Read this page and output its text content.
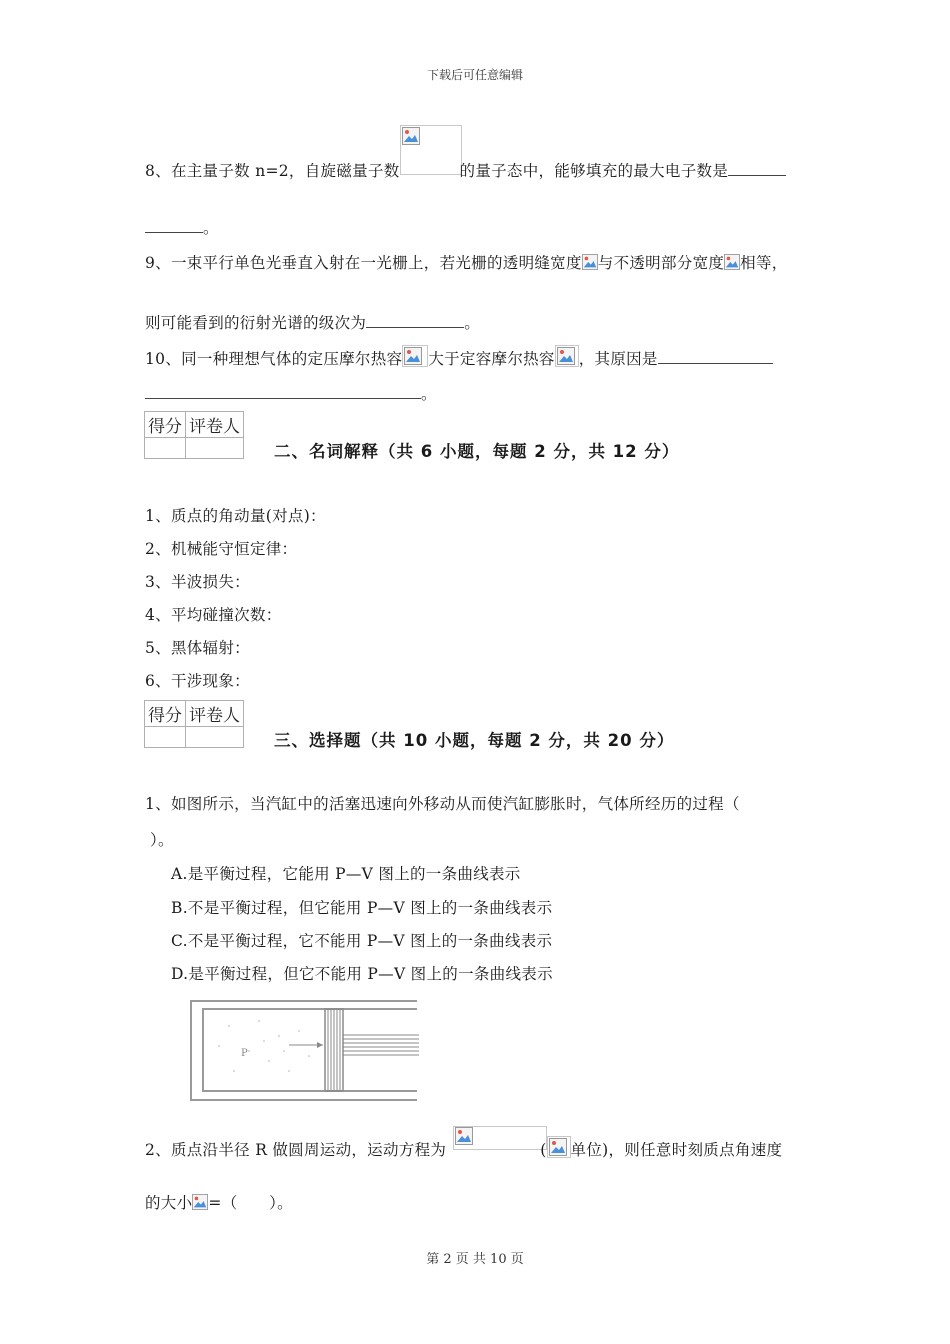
下载后可任意编辑
8、在主量子数 n=2，自旋磁量子数	的量子态中，能够填充的最大电子数是
。
9、一束平行单色光垂直入射在一光栅上，若光栅的透明缝宽度 与不透明部分宽度 相等，
则可能看到的衍射光谱的级次为	。
10、同一种理想气体的定压摩尔热容 大于定容摩尔热容 ，其原因是
。
得分	评卷人

二、名词解释（共 6 小题，每题 2 分，共 12 分）
1、质点的角动量(对点)：
2、机械能守恒定律：
3、半波损失：
4、平均碰撞次数：
5、黑体辐射：
6、干涉现象：
得分	评卷人

三、选择题（共 10 小题，每题 2 分，共 20 分）
1、如图所示，当汽缸中的活塞迅速向外移动从而使汽缸膨胀时，气体所经历的过程（
）。
A.是平衡过程，它能用 P—V 图上的一条曲线表示
B.不是平衡过程，但它能用 P—V 图上的一条曲线表示
C.不是平衡过程，它不能用 P—V 图上的一条曲线表示
D.是平衡过程，但它不能用 P—V 图上的一条曲线表示
P
2、质点沿半径 R 做圆周运动，运动方程为	( 单位)，则任意时刻质点角速度
的大小 =（　　）。
第 2 页 共 10 页
